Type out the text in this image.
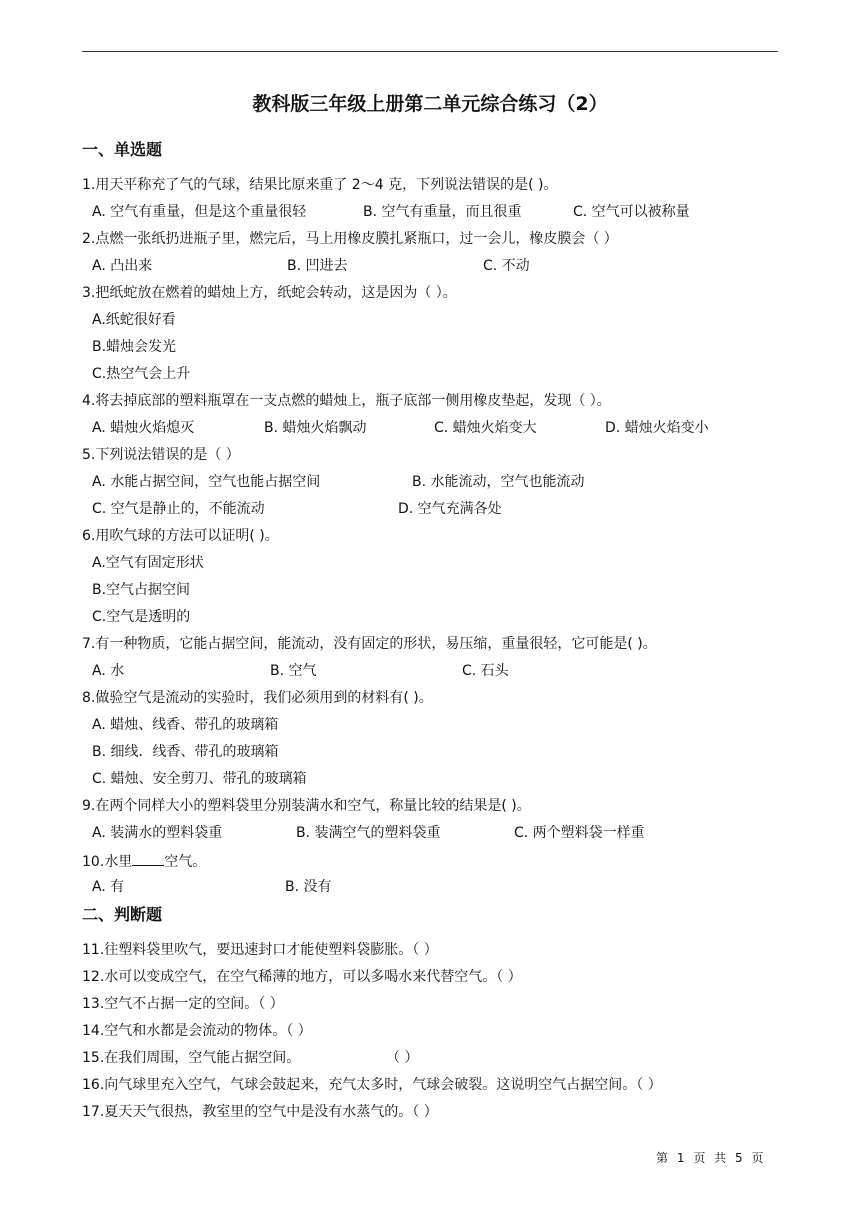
教科版三年级上册第二单元综合练习（2）
一、单选题
1.用天平称充了气的气球，结果比原来重了 2～4 克，下列说法错误的是( )。
A. 空气有重量，但是这个重量很轻	B. 空气有重量，而且很重	C. 空气可以被称量
2.点燃一张纸扔进瓶子里，燃完后，马上用橡皮膜扎紧瓶口，过一会儿，橡皮膜会（ ）
A. 凸出来	B. 凹进去	C. 不动
3.把纸蛇放在燃着的蜡烛上方，纸蛇会转动，这是因为（ ）。
A.纸蛇很好看
B.蜡烛会发光
C.热空气会上升
4.将去掉底部的塑料瓶罩在一支点燃的蜡烛上，瓶子底部一侧用橡皮垫起，发现（ ）。
A. 蜡烛火焰熄灭	B. 蜡烛火焰飘动	C. 蜡烛火焰变大	D. 蜡烛火焰变小
5.下列说法错误的是（ ）
A. 水能占据空间，空气也能占据空间	B. 水能流动，空气也能流动
C. 空气是静止的，不能流动	D. 空气充满各处
6.用吹气球的方法可以证明( )。
A.空气有固定形状
B.空气占据空间
C.空气是透明的
7.有一种物质，它能占据空间，能流动，没有固定的形状，易压缩，重量很轻，它可能是( )。
A. 水	B. 空气	C. 石头
8.做验空气是流动的实验时，我们必须用到的材料有( )。
A. 蜡烛、线香、带孔的玻璃箱
B. 细线．线香、带孔的玻璃箱
C. 蜡烛、安全剪刀、带孔的玻璃箱
9.在两个同样大小的塑料袋里分别装满水和空气，称量比较的结果是( )。
A. 装满水的塑料袋重	B. 装满空气的塑料袋重	C. 两个塑料袋一样重
10.水里 空气。
A. 有	B. 没有
二、判断题
11.往塑料袋里吹气，要迅速封口才能使塑料袋膨胀。（ ）
12.水可以变成空气，在空气稀薄的地方，可以多喝水来代替空气。（ ）
13.空气不占据一定的空间。（ ）
14.空气和水都是会流动的物体。（ ）
15.在我们周围，空气能占据空间。	（ ）
16.向气球里充入空气，气球会鼓起来，充气太多时，气球会破裂。这说明空气占据空间。（ ）
17.夏天天气很热，教室里的空气中是没有水蒸气的。（ ）
第 1 页 共 5 页
